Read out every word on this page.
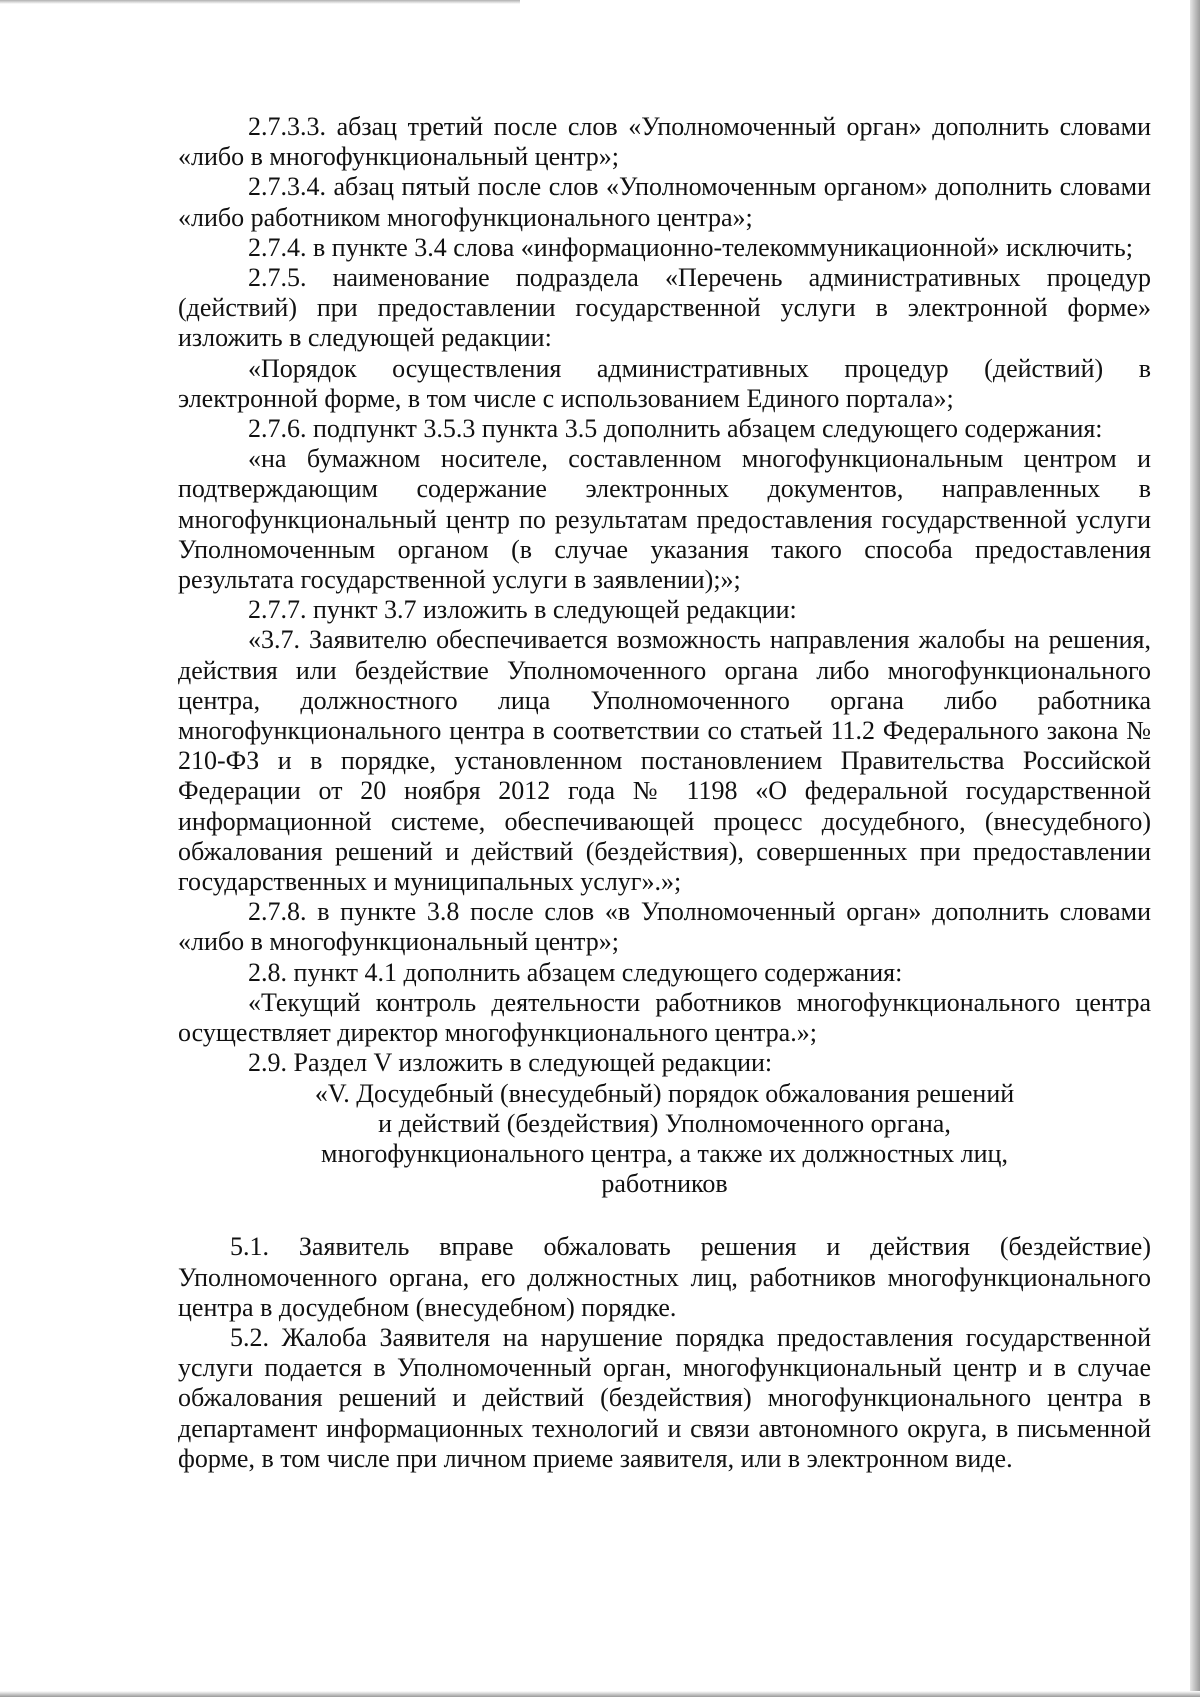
2.7.3.3. абзац третий после слов «Уполномоченный орган» дополнить словами «либо в многофункциональный центр»;

2.7.3.4. абзац пятый после слов «Уполномоченным органом» дополнить словами «либо работником многофункционального центра»;

2.7.4. в пункте 3.4 слова «информационно-телекоммуникационной» исключить;

2.7.5. наименование подраздела «Перечень административных процедур (действий) при предоставлении государственной услуги в электронной форме» изложить в следующей редакции:

«Порядок осуществления административных процедур (действий) в электронной форме, в том числе с использованием Единого портала»;

2.7.6. подпункт 3.5.3 пункта 3.5 дополнить абзацем следующего содержания:

«на бумажном носителе, составленном многофункциональным центром и подтверждающим содержание электронных документов, направленных в многофункциональный центр по результатам предоставления государственной услуги Уполномоченным органом (в случае указания такого способа предоставления результата государственной услуги в заявлении);»;

2.7.7. пункт 3.7 изложить в следующей редакции:

«3.7. Заявителю обеспечивается возможность направления жалобы на решения, действия или бездействие Уполномоченного органа либо многофункционального центра, должностного лица Уполномоченного органа либо работника многофункционального центра в соответствии со статьей 11.2 Федерального закона № 210-ФЗ и в порядке, установленном постановлением Правительства Российской Федерации от 20 ноября 2012 года № 1198 «О федеральной государственной информационной системе, обеспечивающей процесс досудебного, (внесудебного) обжалования решений и действий (бездействия), совершенных при предоставлении государственных и муниципальных услуг».»;

2.7.8. в пункте 3.8 после слов «в Уполномоченный орган» дополнить словами «либо в многофункциональный центр»;

2.8. пункт 4.1 дополнить абзацем следующего содержания:

«Текущий контроль деятельности работников многофункционального центра осуществляет директор многофункционального центра.»;

2.9. Раздел V изложить в следующей редакции:

«V. Досудебный (внесудебный) порядок обжалования решений
и действий (бездействия) Уполномоченного органа,
многофункционального центра, а также их должностных лиц,
работников

5.1. Заявитель вправе обжаловать решения и действия (бездействие) Уполномоченного органа, его должностных лиц, работников многофункционального центра в досудебном (внесудебном) порядке.

5.2. Жалоба Заявителя на нарушение порядка предоставления государственной услуги подается в Уполномоченный орган, многофункциональный центр и в случае обжалования решений и действий (бездействия) многофункционального центра в департамент информационных технологий и связи автономного округа, в письменной форме, в том числе при личном приеме заявителя, или в электронном виде.
